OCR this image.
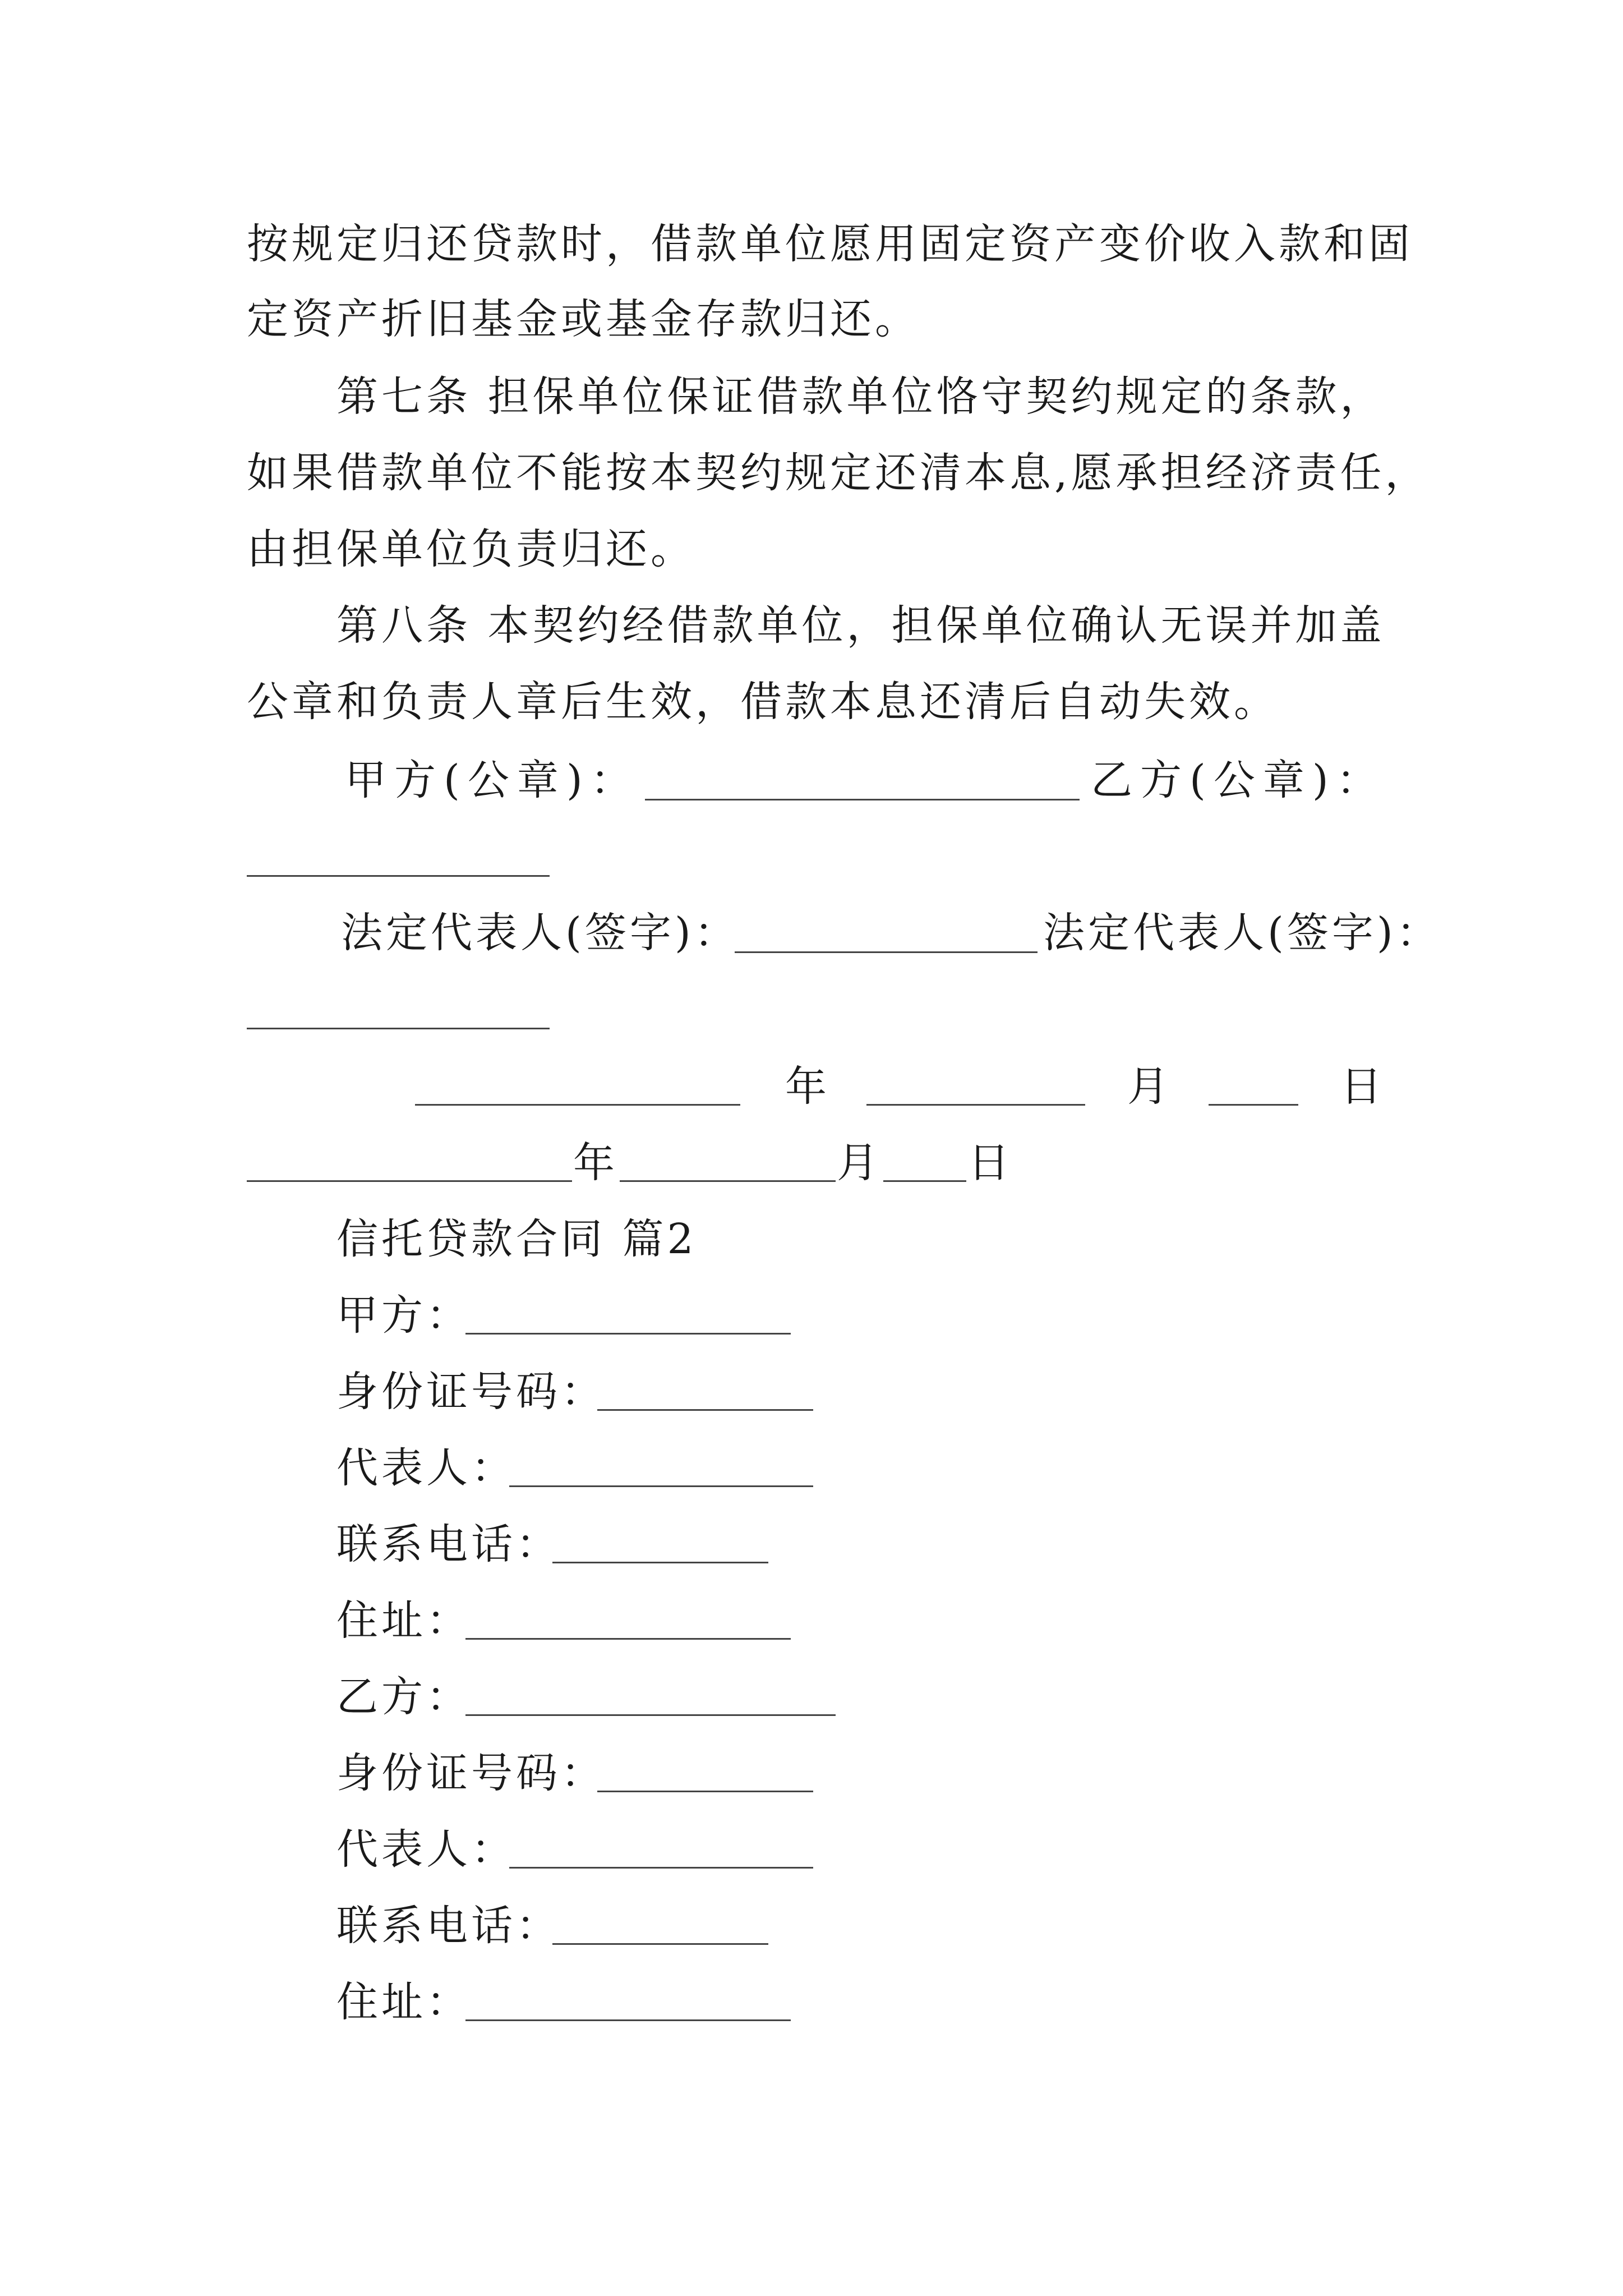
按规定归还贷款时，借款单位愿用固定资产变价收入款和固
定资产折旧基金或基金存款归还。
第七条 担保单位保证借款单位恪守契约规定的条款，
如果借款单位不能按本契约规定还清本息,愿承担经济责任，
由担保单位负责归还。
第八条 本契约经借款单位，担保单位确认无误并加盖
公章和负责人章后生效，借款本息还清后自动失效。
甲方(公章)：	乙方(公章)：
法定代表人(签字)：	法定代表人(签字)：
年	月	日
年	月 日
信托贷款合同 篇2
甲方：
身份证号码：
代表人：
联系电话：
住址：
乙方：
身份证号码：
代表人：
联系电话：
住址：
